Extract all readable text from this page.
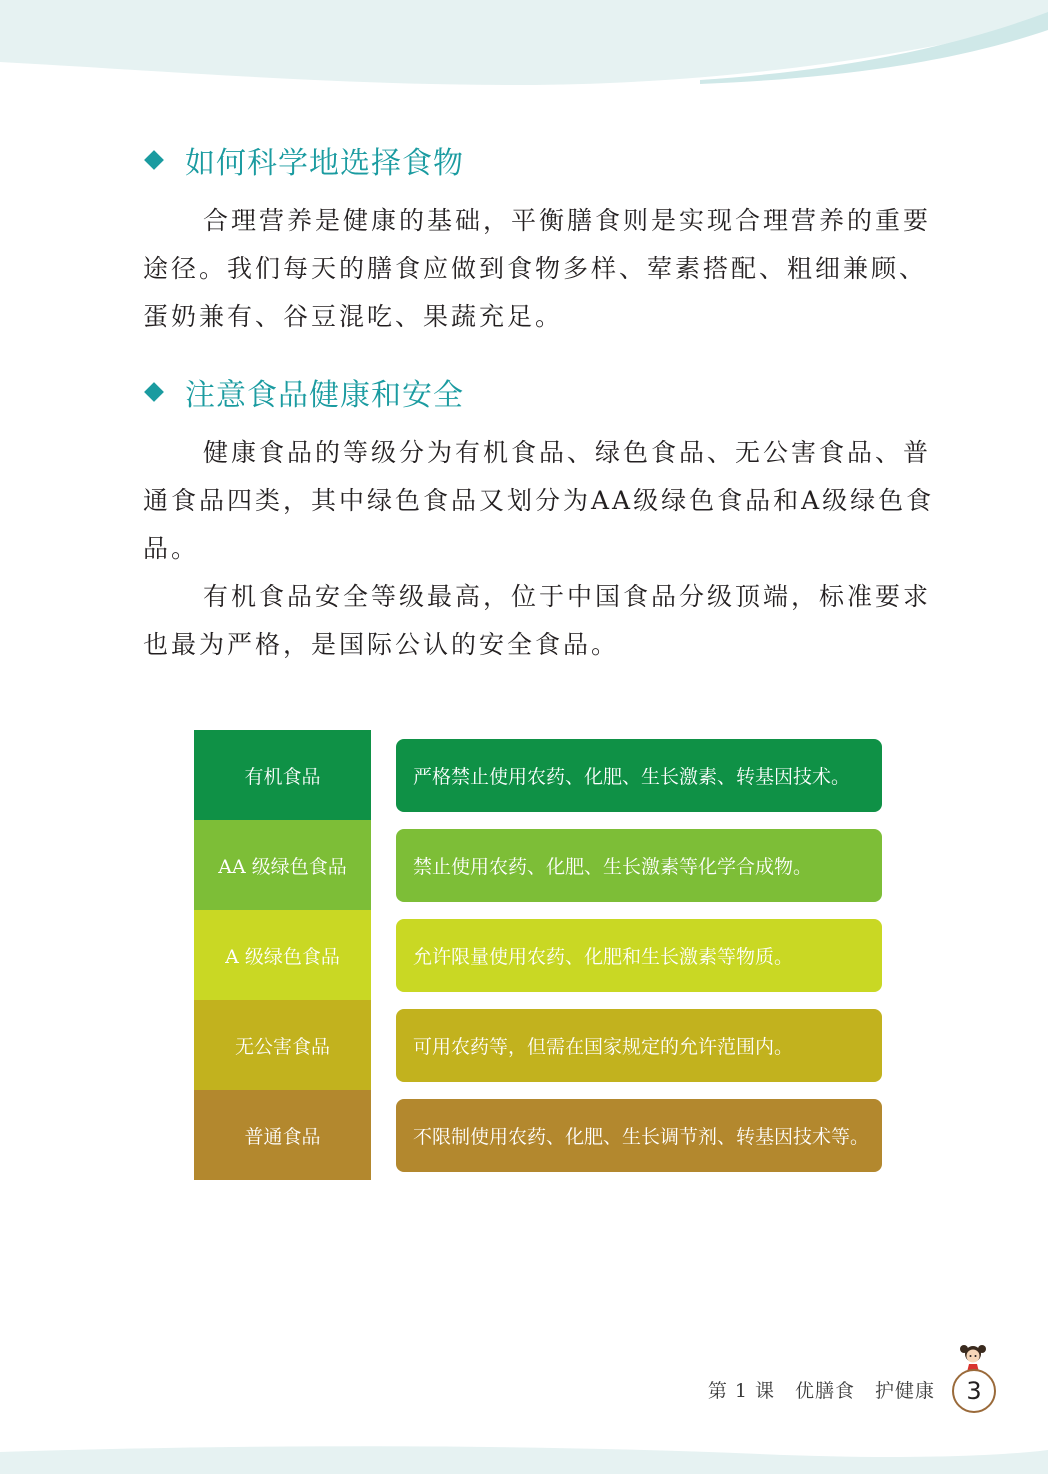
如何科学地选择食物

合理营养是健康的基础，平衡膳食则是实现合理营养的重要途径。我们每天的膳食应做到食物多样、荤素搭配、粗细兼顾、蛋奶兼有、谷豆混吃、果蔬充足。

注意食品健康和安全

健康食品的等级分为有机食品、绿色食品、无公害食品、普通食品四类，其中绿色食品又划分为AA级绿色食品和A级绿色食品。

有机食品安全等级最高，位于中国食品分级顶端，标准要求也最为严格，是国际公认的安全食品。

有机食品
AA 级绿色食品
A 级绿色食品
无公害食品
普通食品
严格禁止使用农药、化肥、生长激素、转基因技术。
禁止使用农药、化肥、生长激素等化学合成物。
允许限量使用农药、化肥和生长激素等物质。
可用农药等，但需在国家规定的允许范围内。
不限制使用农药、化肥、生长调节剂、转基因技术等。
第 1 课　优膳食　护健康	3
